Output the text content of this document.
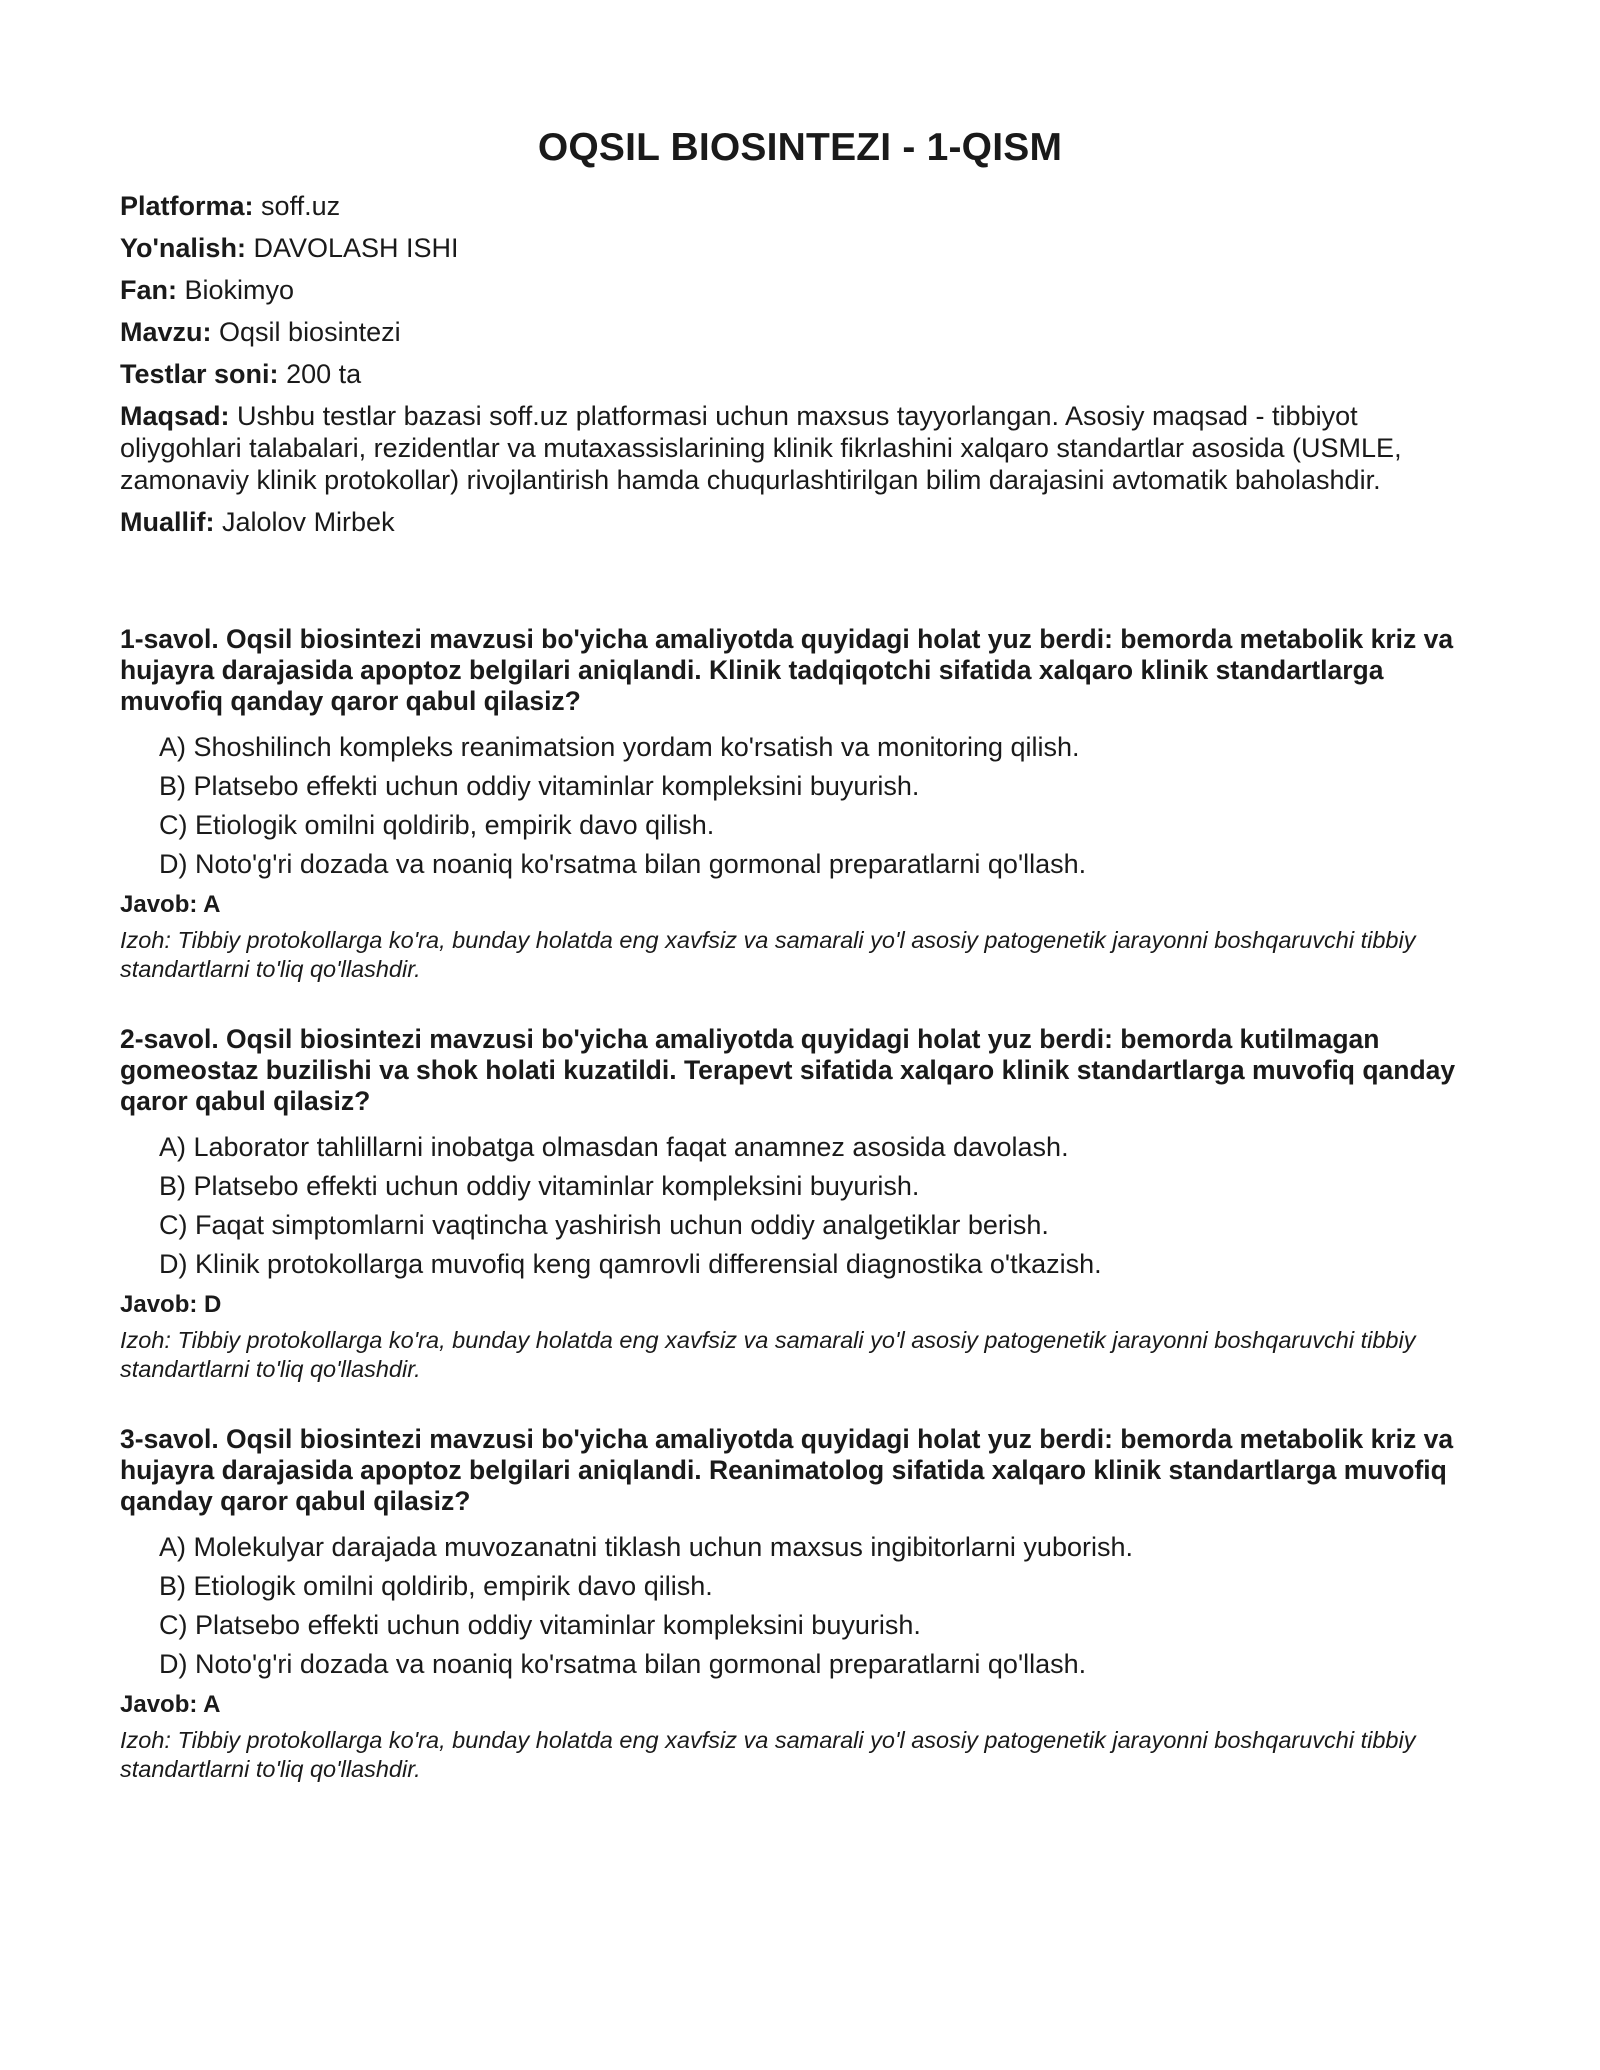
OQSIL BIOSINTEZI - 1-QISM
Platforma: soff.uz
Yo'nalish: DAVOLASH ISHI
Fan: Biokimyo
Mavzu: Oqsil biosintezi
Testlar soni: 200 ta
Maqsad: Ushbu testlar bazasi soff.uz platformasi uchun maxsus tayyorlangan. Asosiy maqsad - tibbiyot oliygohlari talabalari, rezidentlar va mutaxassislarining klinik fikrlashini xalqaro standartlar asosida (USMLE, zamonaviy klinik protokollar) rivojlantirish hamda chuqurlashtirilgan bilim darajasini avtomatik baholashdir.
Muallif: Jalolov Mirbek

1-savol. Oqsil biosintezi mavzusi bo'yicha amaliyotda quyidagi holat yuz berdi: bemorda metabolik kriz va hujayra darajasida apoptoz belgilari aniqlandi. Klinik tadqiqotchi sifatida xalqaro klinik standartlarga muvofiq qanday qaror qabul qilasiz?

A) Shoshilinch kompleks reanimatsion yordam ko'rsatish va monitoring qilish.
B) Platsebo effekti uchun oddiy vitaminlar kompleksini buyurish.
C) Etiologik omilni qoldirib, empirik davo qilish.
D) Noto'g'ri dozada va noaniq ko'rsatma bilan gormonal preparatlarni qo'llash.
Javob: A

Izoh: Tibbiy protokollarga ko'ra, bunday holatda eng xavfsiz va samarali yo'l asosiy patogenetik jarayonni boshqaruvchi tibbiy standartlarni to'liq qo'llashdir.

2-savol. Oqsil biosintezi mavzusi bo'yicha amaliyotda quyidagi holat yuz berdi: bemorda kutilmagan gomeostaz buzilishi va shok holati kuzatildi. Terapevt sifatida xalqaro klinik standartlarga muvofiq qanday qaror qabul qilasiz?

A) Laborator tahlillarni inobatga olmasdan faqat anamnez asosida davolash.
B) Platsebo effekti uchun oddiy vitaminlar kompleksini buyurish.
C) Faqat simptomlarni vaqtincha yashirish uchun oddiy analgetiklar berish.
D) Klinik protokollarga muvofiq keng qamrovli differensial diagnostika o'tkazish.
Javob: D

Izoh: Tibbiy protokollarga ko'ra, bunday holatda eng xavfsiz va samarali yo'l asosiy patogenetik jarayonni boshqaruvchi tibbiy standartlarni to'liq qo'llashdir.

3-savol. Oqsil biosintezi mavzusi bo'yicha amaliyotda quyidagi holat yuz berdi: bemorda metabolik kriz va hujayra darajasida apoptoz belgilari aniqlandi. Reanimatolog sifatida xalqaro klinik standartlarga muvofiq qanday qaror qabul qilasiz?

A) Molekulyar darajada muvozanatni tiklash uchun maxsus ingibitorlarni yuborish.
B) Etiologik omilni qoldirib, empirik davo qilish.
C) Platsebo effekti uchun oddiy vitaminlar kompleksini buyurish.
D) Noto'g'ri dozada va noaniq ko'rsatma bilan gormonal preparatlarni qo'llash.
Javob: A

Izoh: Tibbiy protokollarga ko'ra, bunday holatda eng xavfsiz va samarali yo'l asosiy patogenetik jarayonni boshqaruvchi tibbiy standartlarni to'liq qo'llashdir.
